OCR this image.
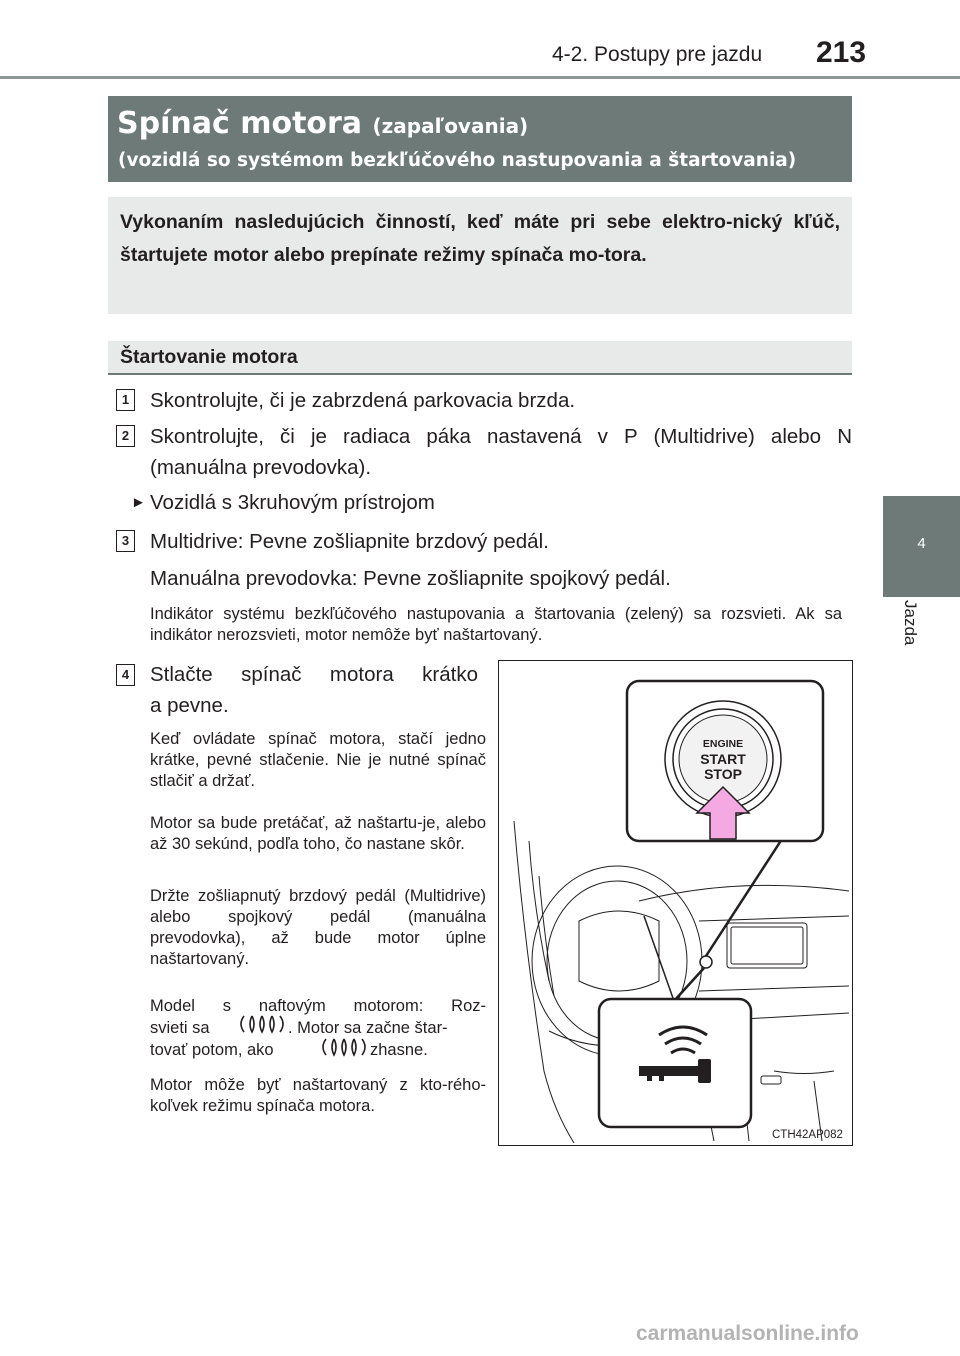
4-2. Postupy pre jazdu 213
4
Jazda
Spínač motora (zapaľovania)
(vozidlá so systémom bezkľúčového nastupovania a štartovania)
Vykonaním nasledujúcich činností, keď máte pri sebe elektro-nický kľúč, štartujete motor alebo prepínate režimy spínača mo-tora.
Štartovanie motora
1 Skontrolujte, či je zabrzdená parkovacia brzda.
2 Skontrolujte, či je radiaca páka nastavená v P (Multidrive) alebo N
(manuálna prevodovka).
► Vozidlá s 3kruhovým prístrojom
3 Multidrive: Pevne zošliapnite brzdový pedál.
Manuálna prevodovka: Pevne zošliapnite spojkový pedál.
Indikátor systému bezkľúčového nastupovania a štartovania (zelený) sa rozsvieti. Ak sa indikátor nerozsvieti, motor nemôže byť naštartovaný.
4 Stlačte spínač motora krátko
a pevne.
Keď ovládate spínač motora, stačí jedno krátke, pevné stlačenie. Nie je nutné spínač stlačiť a držať.
Motor sa bude pretáčať, až naštartu-je, alebo až 30 sekúnd, podľa toho, čo nastane skôr.
Držte zošliapnutý brzdový pedál (Multidrive) alebo spojkový pedál (manuálna prevodovka), až bude motor úplne naštartovaný.
Model s naftovým motorom: Roz-
svieti sa	. Motor sa začne štar-
tovať potom, ako	zhasne.
Motor môže byť naštartovaný z kto-réhokoľvek režimu spínača motora.
ENGINE
START
STOP
CTH42AP082
carmanualsonline.info
